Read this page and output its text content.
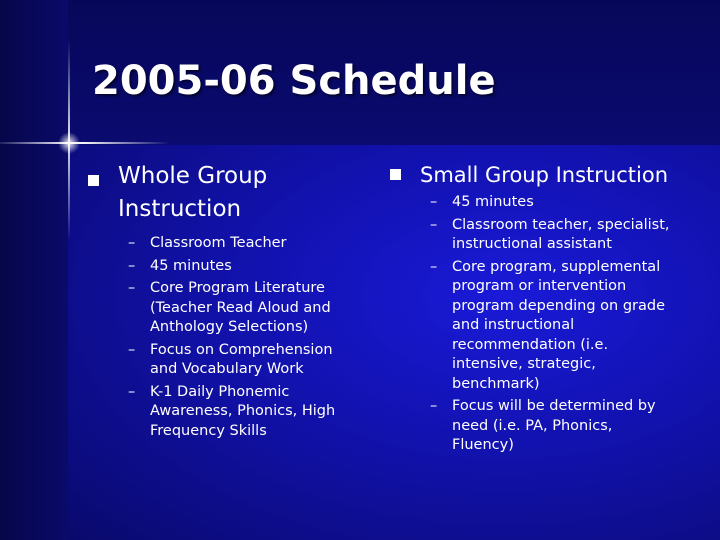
2005-06 Schedule
Whole Group Instruction
– Classroom Teacher
– 45 minutes
– Core Program Literature (Teacher Read Aloud and Anthology Selections)
– Focus on Comprehension and Vocabulary Work
– K-1 Daily Phonemic Awareness, Phonics, High Frequency Skills
Small Group Instruction
– 45 minutes
– Classroom teacher, specialist, instructional assistant
– Core program, supplemental program or intervention program depending on grade and instructional recommendation (i.e. intensive, strategic, benchmark)
– Focus will be determined by need (i.e. PA, Phonics, Fluency)
